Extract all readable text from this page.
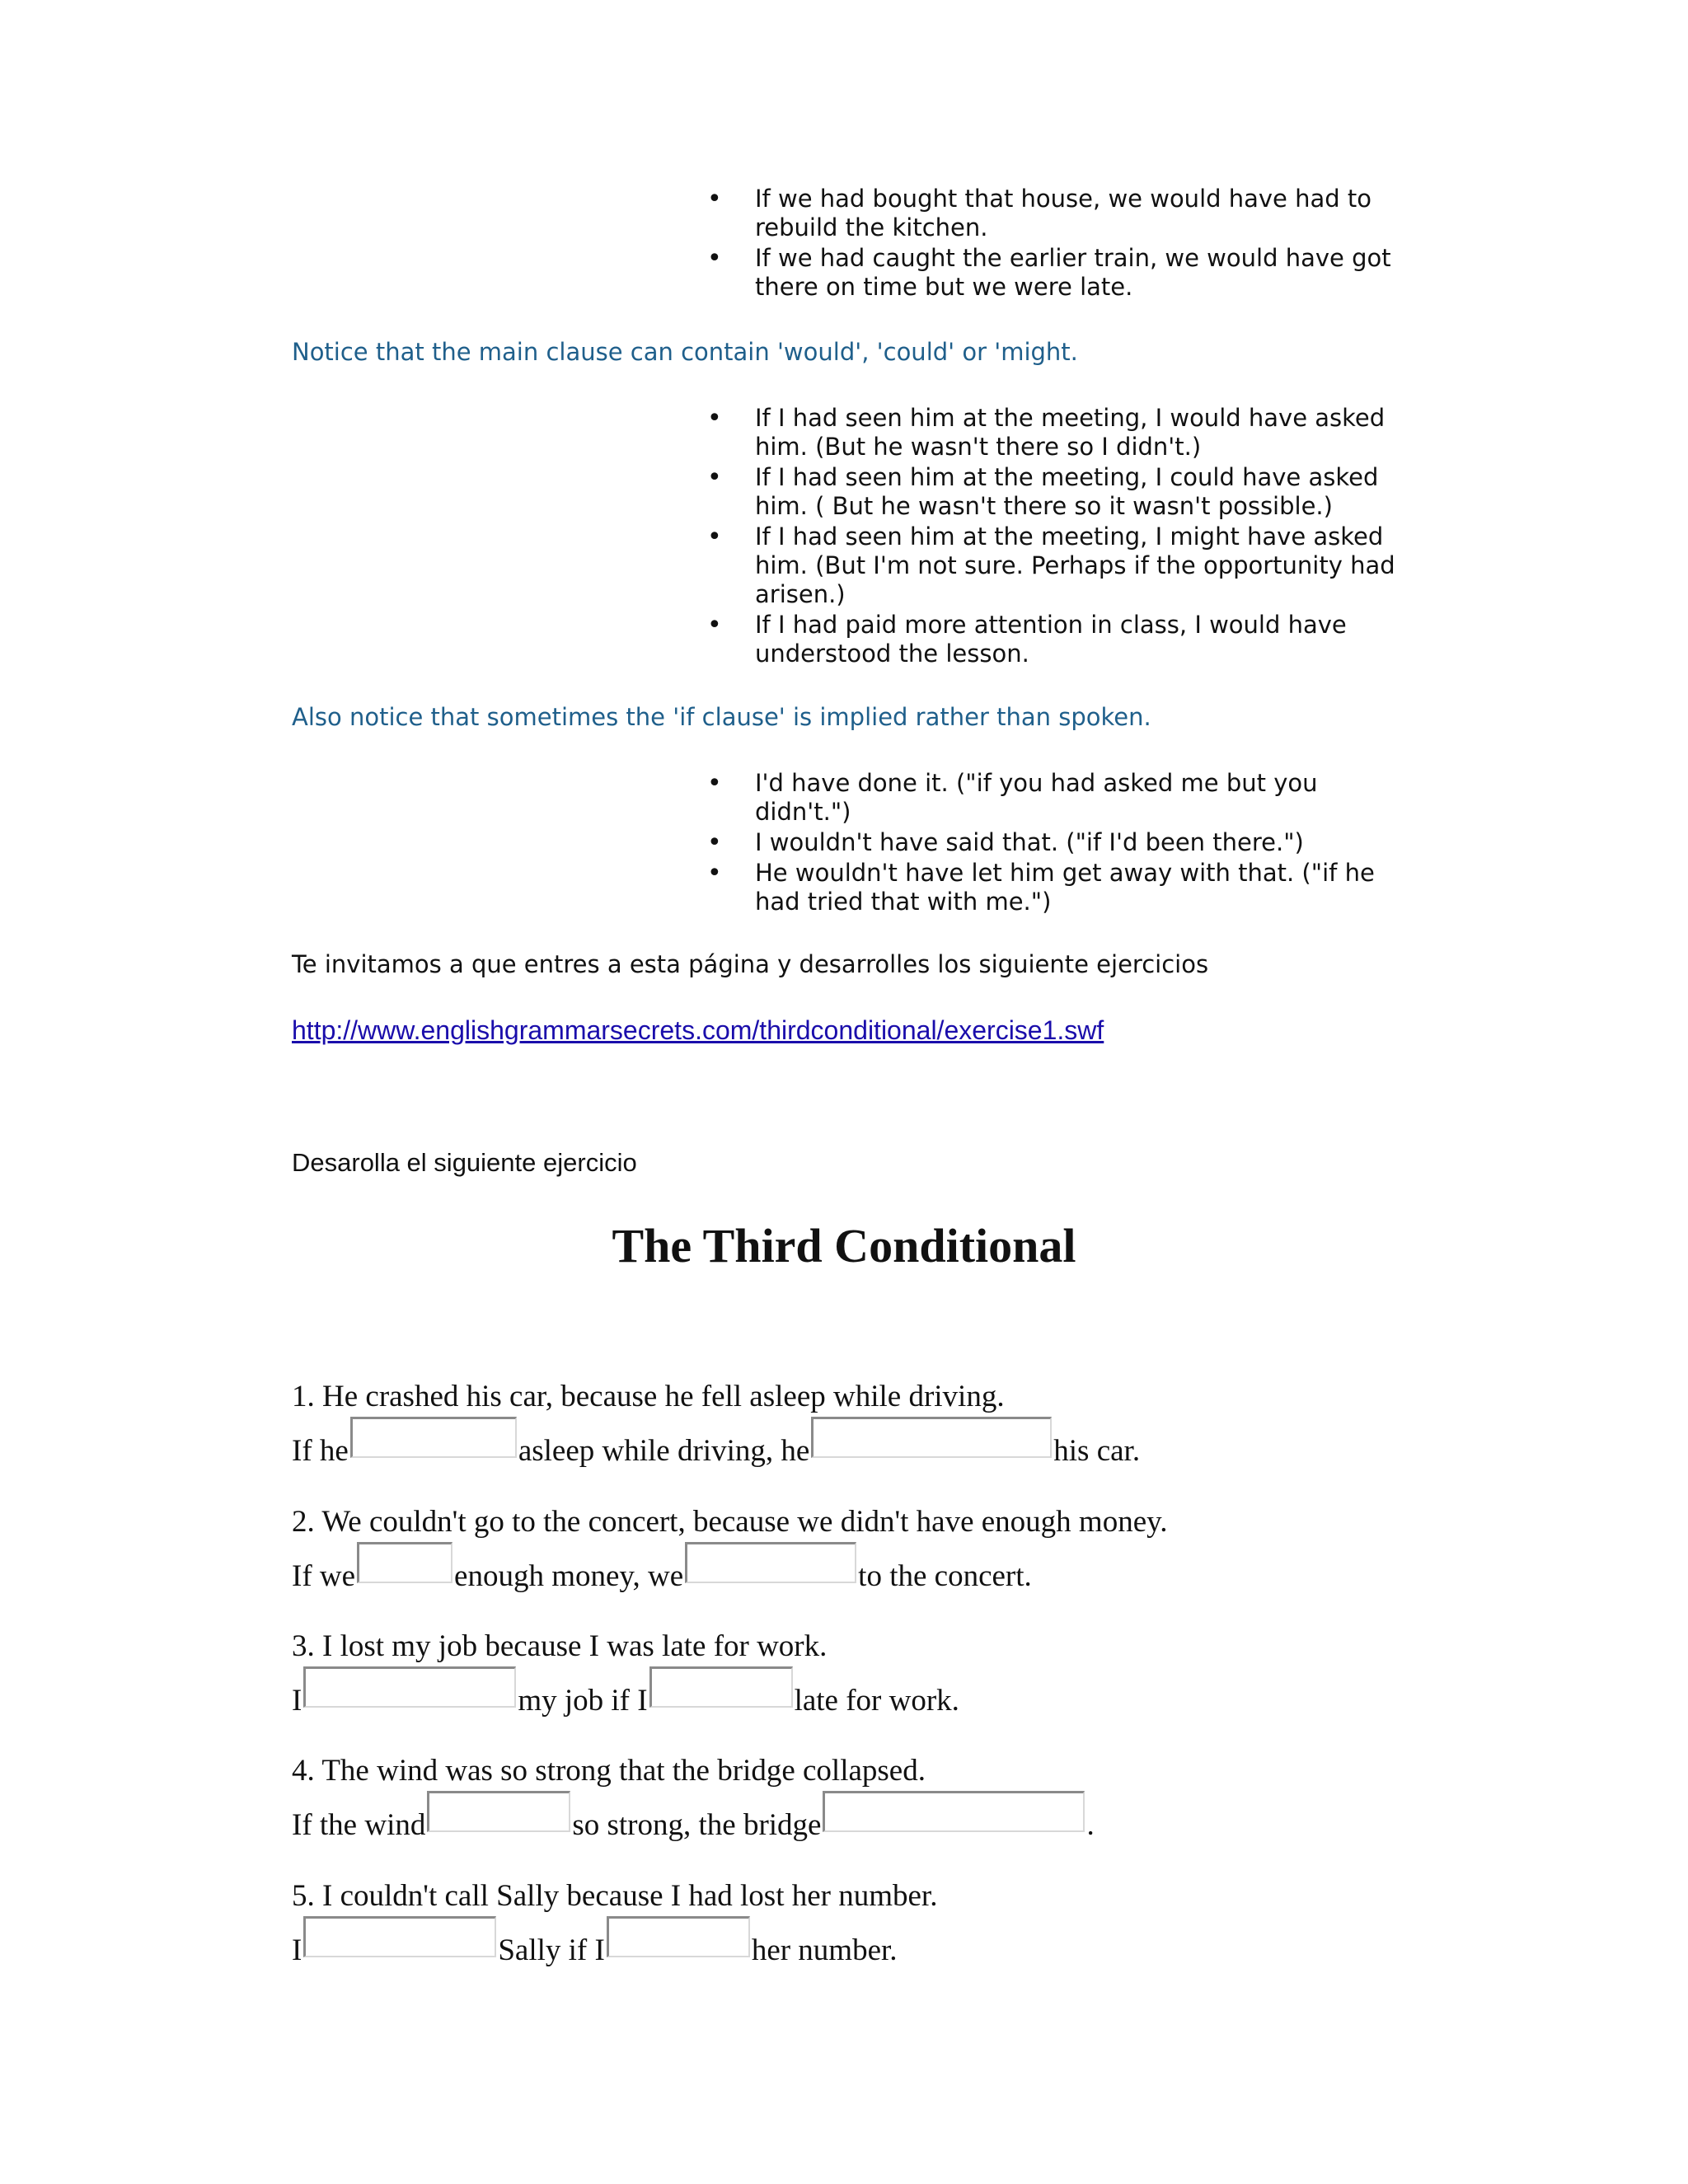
• If we had bought that house, we would have had to rebuild the kitchen.
• If we had caught the earlier train, we would have got there on time but we were late.
Notice that the main clause can contain 'would', 'could' or 'might.
• If I had seen him at the meeting, I would have asked him. (But he wasn't there so I didn't.)
• If I had seen him at the meeting, I could have asked him. ( But he wasn't there so it wasn't possible.)
• If I had seen him at the meeting, I might have asked him. (But I'm not sure. Perhaps if the opportunity had arisen.)
• If I had paid more attention in class, I would have understood the lesson.
Also notice that sometimes the 'if clause' is implied rather than spoken.
• I'd have done it. ("if you had asked me but you didn't.")
• I wouldn't have said that. ("if I'd been there.")
• He wouldn't have let him get away with that. ("if he had tried that with me.")
Te invitamos a que entres a esta página y desarrolles los siguiente ejercicios
http://www.englishgrammarsecrets.com/thirdconditional/exercise1.swf
Desarolla el siguiente ejercicio
The Third Conditional
1. He crashed his car, because he fell asleep while driving.
If he	asleep while driving, he	his car.
2. We couldn't go to the concert, because we didn't have enough money.
If we	enough money, we	to the concert.
3. I lost my job because I was late for work.
I	my job if I	late for work.
4. The wind was so strong that the bridge collapsed.
If the wind	so strong, the bridge	.
5. I couldn't call Sally because I had lost her number.
I	Sally if I	her number.
